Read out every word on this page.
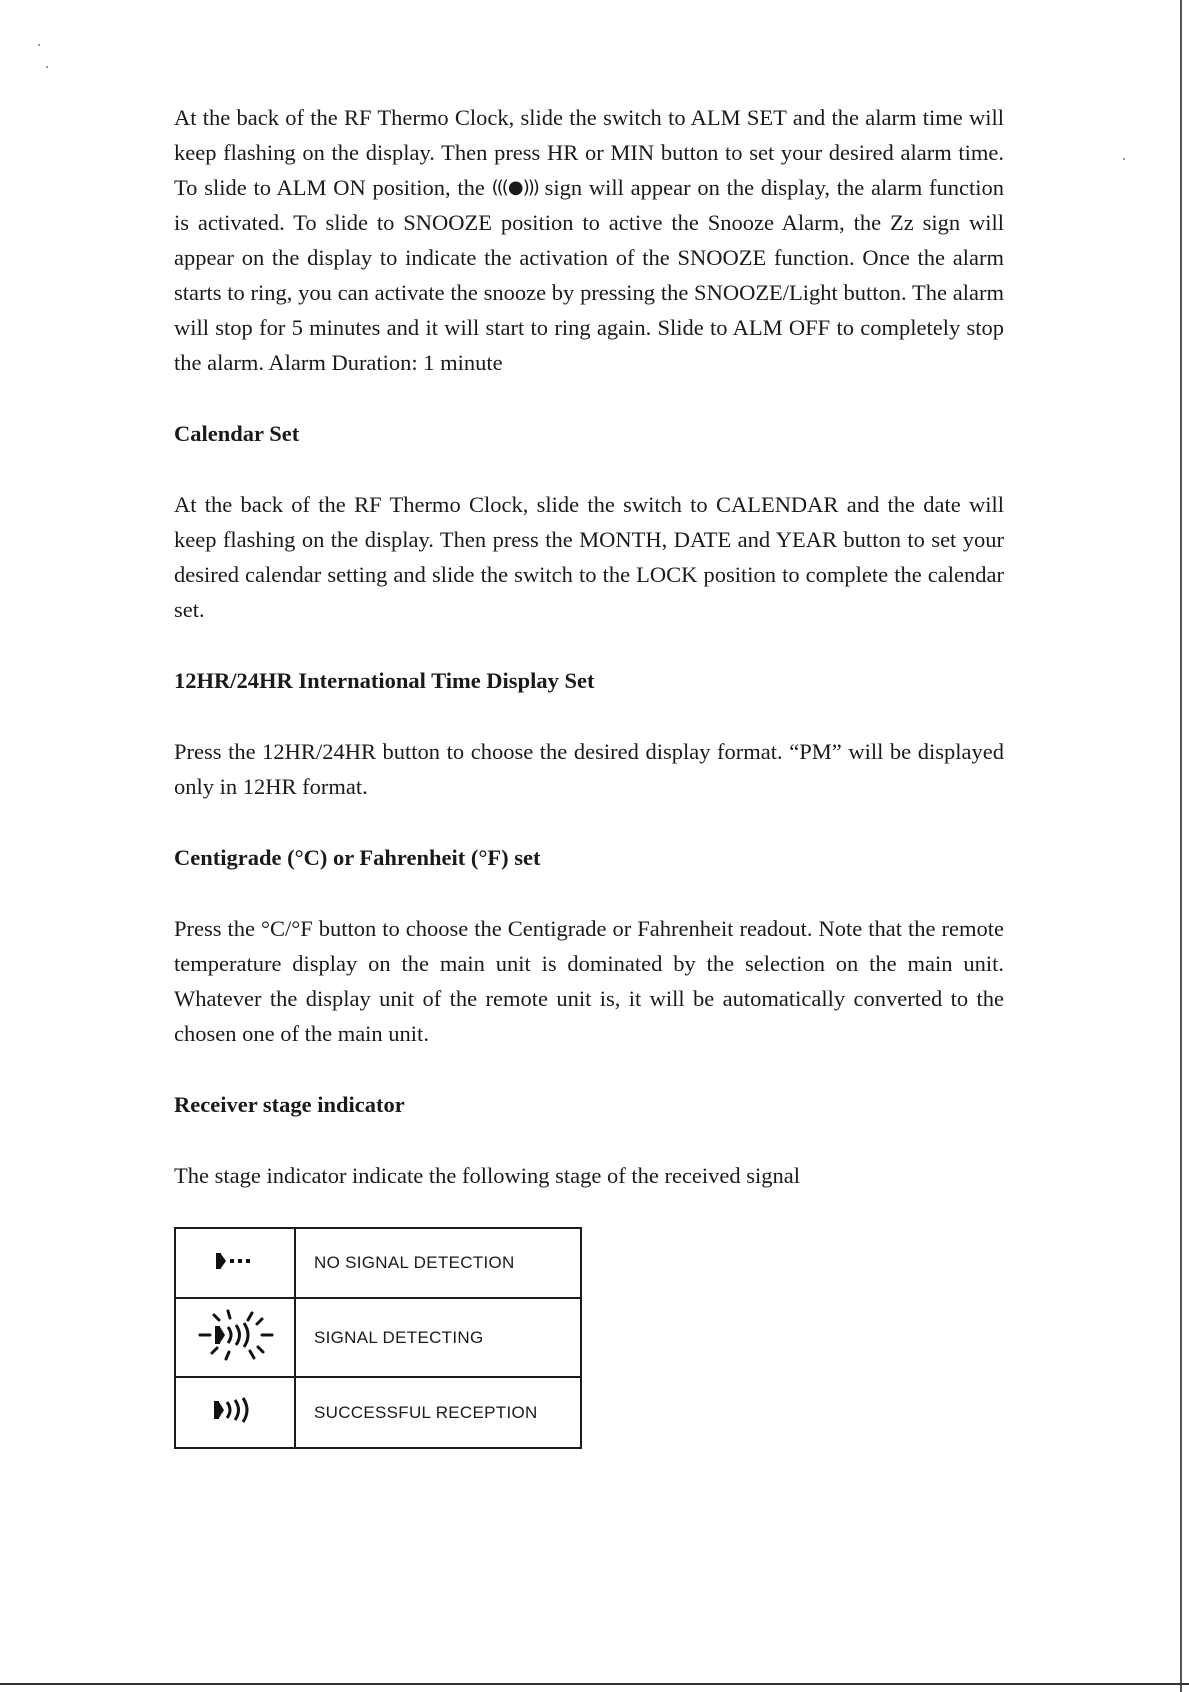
At the back of the RF Thermo Clock, slide the switch to ALM SET and the alarm time will keep flashing on the display. Then press HR or MIN button to set your desired alarm time. To slide to ALM ON position, the (((●))) sign will appear on the display, the alarm function is activated. To slide to SNOOZE position to active the Snooze Alarm, the Zz sign will appear on the display to indicate the activation of the SNOOZE function. Once the alarm starts to ring, you can activate the snooze by pressing the SNOOZE/Light button. The alarm will stop for 5 minutes and it will start to ring again. Slide to ALM OFF to completely stop the alarm. Alarm Duration: 1 minute

Calendar Set

At the back of the RF Thermo Clock, slide the switch to CALENDAR and the date will keep flashing on the display. Then press the MONTH, DATE and YEAR button to set your desired calendar setting and slide the switch to the LOCK position to complete the calendar set.

12HR/24HR International Time Display Set

Press the 12HR/24HR button to choose the desired display format. “PM” will be displayed only in 12HR format.

Centigrade (°C) or Fahrenheit (°F) set

Press the °C/°F button to choose the Centigrade or Fahrenheit readout. Note that the remote temperature display on the main unit is dominated by the selection on the main unit. Whatever the display unit of the remote unit is, it will be automatically converted to the chosen one of the main unit.

Receiver stage indicator

The stage indicator indicate the following stage of the received signal

	NO SIGNAL DETECTION
	SIGNAL DETECTING
	SUCCESSFUL RECEPTION
